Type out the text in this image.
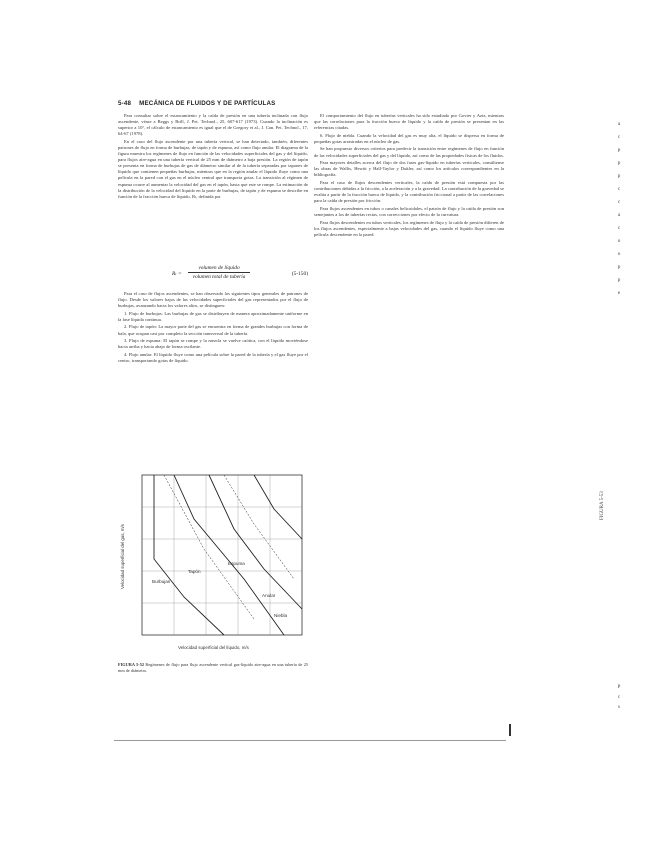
5-48 MECÁNICA DE FLUIDOS Y DE PARTÍCULAS

Para consultar sobre el estancamiento y la caída de presión en una tubería inclinada con flujo ascendente, véase a Beggs y Brill, J. Pet. Technol., 25, 607-617 (1973). Cuando la inclinación es superior a 10°, el cálculo de estancamiento es igual que el de Gregory et al., J. Can. Pet. Technol., 17, 64-67 (1978).

En el caso del flujo ascendente por una tubería vertical, se han detectado, también, diferentes patrones de flujo en forma de burbujas, de tapón y de espuma, así como flujo anular. El diagrama de la figura muestra los regímenes de flujo en función de las velocidades superficiales del gas y del líquido, para flujos aire-agua en una tubería vertical de 25 mm de diámetro a baja presión. La región de tapón se presenta en forma de burbujas de gas de diámetro similar al de la tubería separadas por tapones de líquido que contienen pequeñas burbujas, mientras que en la región anular el líquido fluye como una película en la pared con el gas en el núcleo central que transporta gotas. La transición al régimen de espuma ocurre al aumentar la velocidad del gas en el tapón, hasta que este se rompe. La estimación de la distribución de la velocidad del líquido en la parte de burbujas, de tapón y de espuma se describe en función de la fracción hueca de líquido, Rₗ, definida por

Rₗ =
volumen de líquido
volumen total de tubería	(5-150)

Para el caso de flujos ascendentes, se han observado los siguientes tipos generales de patrones de flujo. Desde los valores bajos de las velocidades superficiales del gas representados por el flujo de burbujas, avanzando hacia los valores altos, se distinguen:

1. Flujo de burbujas: Las burbujas de gas se distribuyen de manera aproximadamente uniforme en la fase líquida continua.

2. Flujo de tapón: La mayor parte del gas se encuentra en forma de grandes burbujas con forma de bala, que ocupan casi por completo la sección transversal de la tubería.

3. Flujo de espuma: El tapón se rompe y la mezcla se vuelve caótica, con el líquido moviéndose hacia arriba y hacia abajo de forma oscilante.

4. Flujo anular: El líquido fluye como una película sobre la pared de la tubería y el gas fluye por el centro, transportando gotas de líquido.

Burbujas
Tapón
Espuma
Anular
Niebla
Velocidad superficial del gas, m/s
Velocidad superficial del líquido, m/s
FIGURA 5-52 Regímenes de flujo para flujo ascendente vertical gas-líquido aire-agua en una tubería de 25 mm de diámetro.

El comportamiento del flujo en tuberías verticales ha sido estudiado por Govier y Aziz, mientras que las correlaciones para la fracción hueca de líquido y la caída de presión se presentan en las referencias citadas.

6. Flujo de niebla. Cuando la velocidad del gas es muy alta, el líquido se dispersa en forma de pequeñas gotas arrastradas en el núcleo de gas.

Se han propuesto diversos criterios para predecir la transición entre regímenes de flujo en función de las velocidades superficiales del gas y del líquido, así como de las propiedades físicas de los fluidos.

Para mayores detalles acerca del flujo de dos fases gas-líquido en tuberías verticales, consúltense las obras de Wallis, Hewitt y Hall-Taylor y Dukler, así como los artículos correspondientes en la bibliografía.

Para el caso de flujos descendentes verticales, la caída de presión está compuesta por las contribuciones debidas a la fricción, a la aceleración y a la gravedad. La contribución de la gravedad se evalúa a partir de la fracción hueca de líquido, y la contribución friccional a partir de las correlaciones para la caída de presión por fricción.

Para flujos ascendentes en tubos o canales helicoidales, el patrón de flujo y la caída de presión son semejantes a los de tuberías rectas, con correcciones por efecto de la curvatura.

Para flujos descendentes en tubos verticales, los regímenes de flujo y la caída de presión difieren de los flujos ascendentes, especialmente a bajas velocidades del gas, cuando el líquido fluye como una película descendente en la pared.

a
c
p
p
p
c
c
a
c
o
o
p
p
e
FIGURA 5-53
P
c
s
